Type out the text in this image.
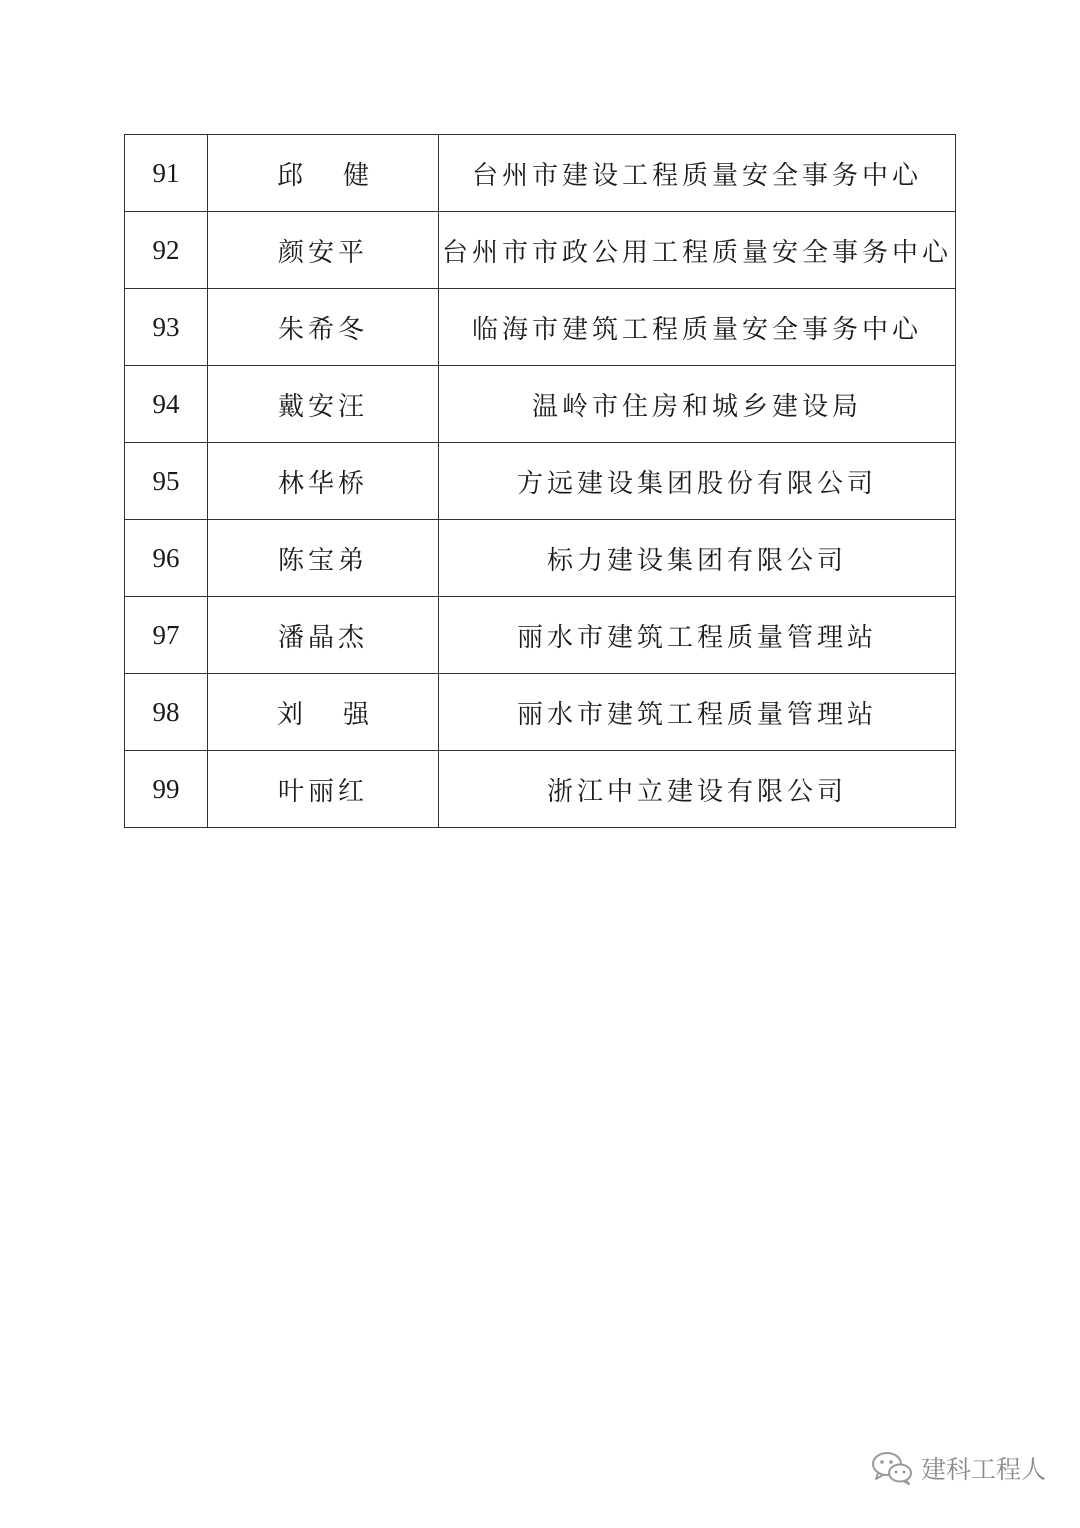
91	邱健	台州市建设工程质量安全事务中心
92	颜安平	台州市市政公用工程质量安全事务中心
93	朱希冬	临海市建筑工程质量安全事务中心
94	戴安汪	温岭市住房和城乡建设局
95	林华桥	方远建设集团股份有限公司
96	陈宝弟	标力建设集团有限公司
97	潘晶杰	丽水市建筑工程质量管理站
98	刘强	丽水市建筑工程质量管理站
99	叶丽红	浙江中立建设有限公司
建科工程人
